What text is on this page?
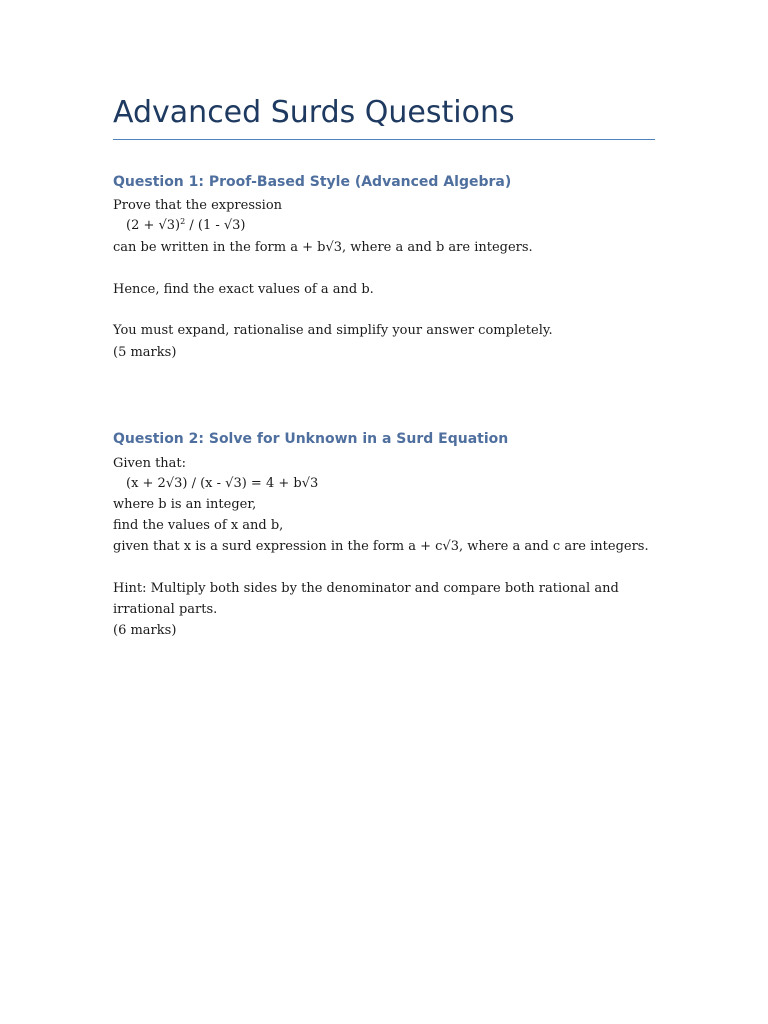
Advanced Surds Questions
Question 1: Proof-Based Style (Advanced Algebra)

Prove that the expression

$(2 + √3)^2 / (1 - √3)$

can be written in the form a + b√3, where a and b are integers.

Hence, find the exact values of a and b.

You must expand, rationalise and simplify your answer completely.

(5 marks)

Question 2: Solve for Unknown in a Surd Equation

Given that:

(x + 2√3) / (x - √3) = 4 + b√3

where b is an integer,

find the values of x and b,

given that x is a surd expression in the form a + c√3, where a and c are integers.

Hint: Multiply both sides by the denominator and compare both rational and

irrational parts.

(6 marks)
